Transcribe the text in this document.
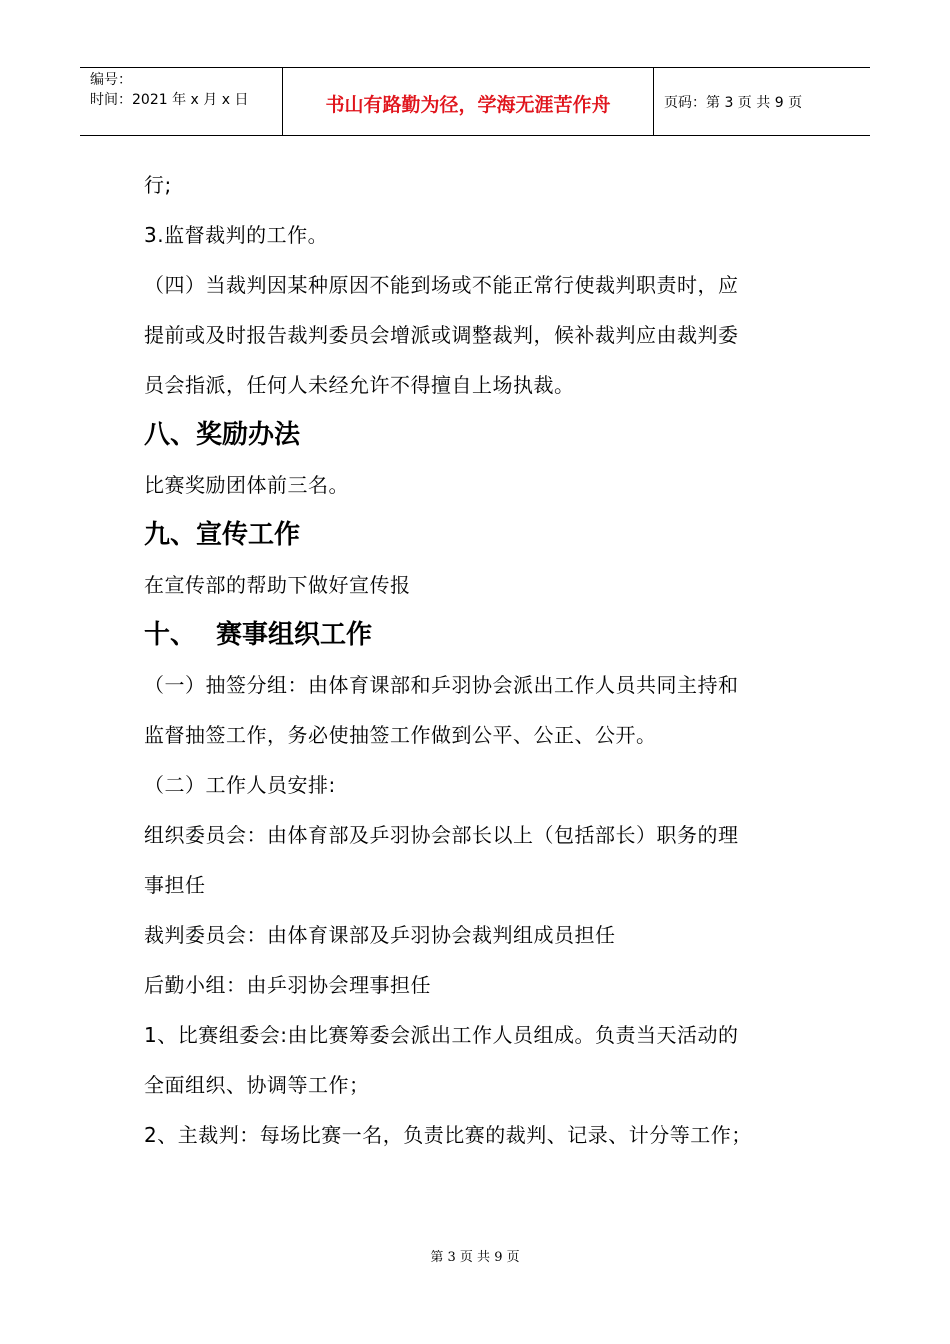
编号：
时间：2021 年 x 月 x 日	书山有路勤为径，学海无涯苦作舟	页码：第 3 页 共 9 页

行;

3.监督裁判的工作。

（四）当裁判因某种原因不能到场或不能正常行使裁判职责时，应

提前或及时报告裁判委员会增派或调整裁判，候补裁判应由裁判委

员会指派，任何人未经允许不得擅自上场执裁。

八、奖励办法

比赛奖励团体前三名。

九、宣传工作

在宣传部的帮助下做好宣传报

十、 赛事组织工作

（一）抽签分组：由体育课部和乒羽协会派出工作人员共同主持和

监督抽签工作，务必使抽签工作做到公平、公正、公开。

（二）工作人员安排:

组织委员会：由体育部及乒羽协会部长以上（包括部长）职务的理

事担任

裁判委员会：由体育课部及乒羽协会裁判组成员担任

后勤小组：由乒羽协会理事担任

1、比赛组委会:由比赛筹委会派出工作人员组成。负责当天活动的

全面组织、协调等工作；

2、主裁判：每场比赛一名，负责比赛的裁判、记录、计分等工作；

第 3 页 共 9 页
